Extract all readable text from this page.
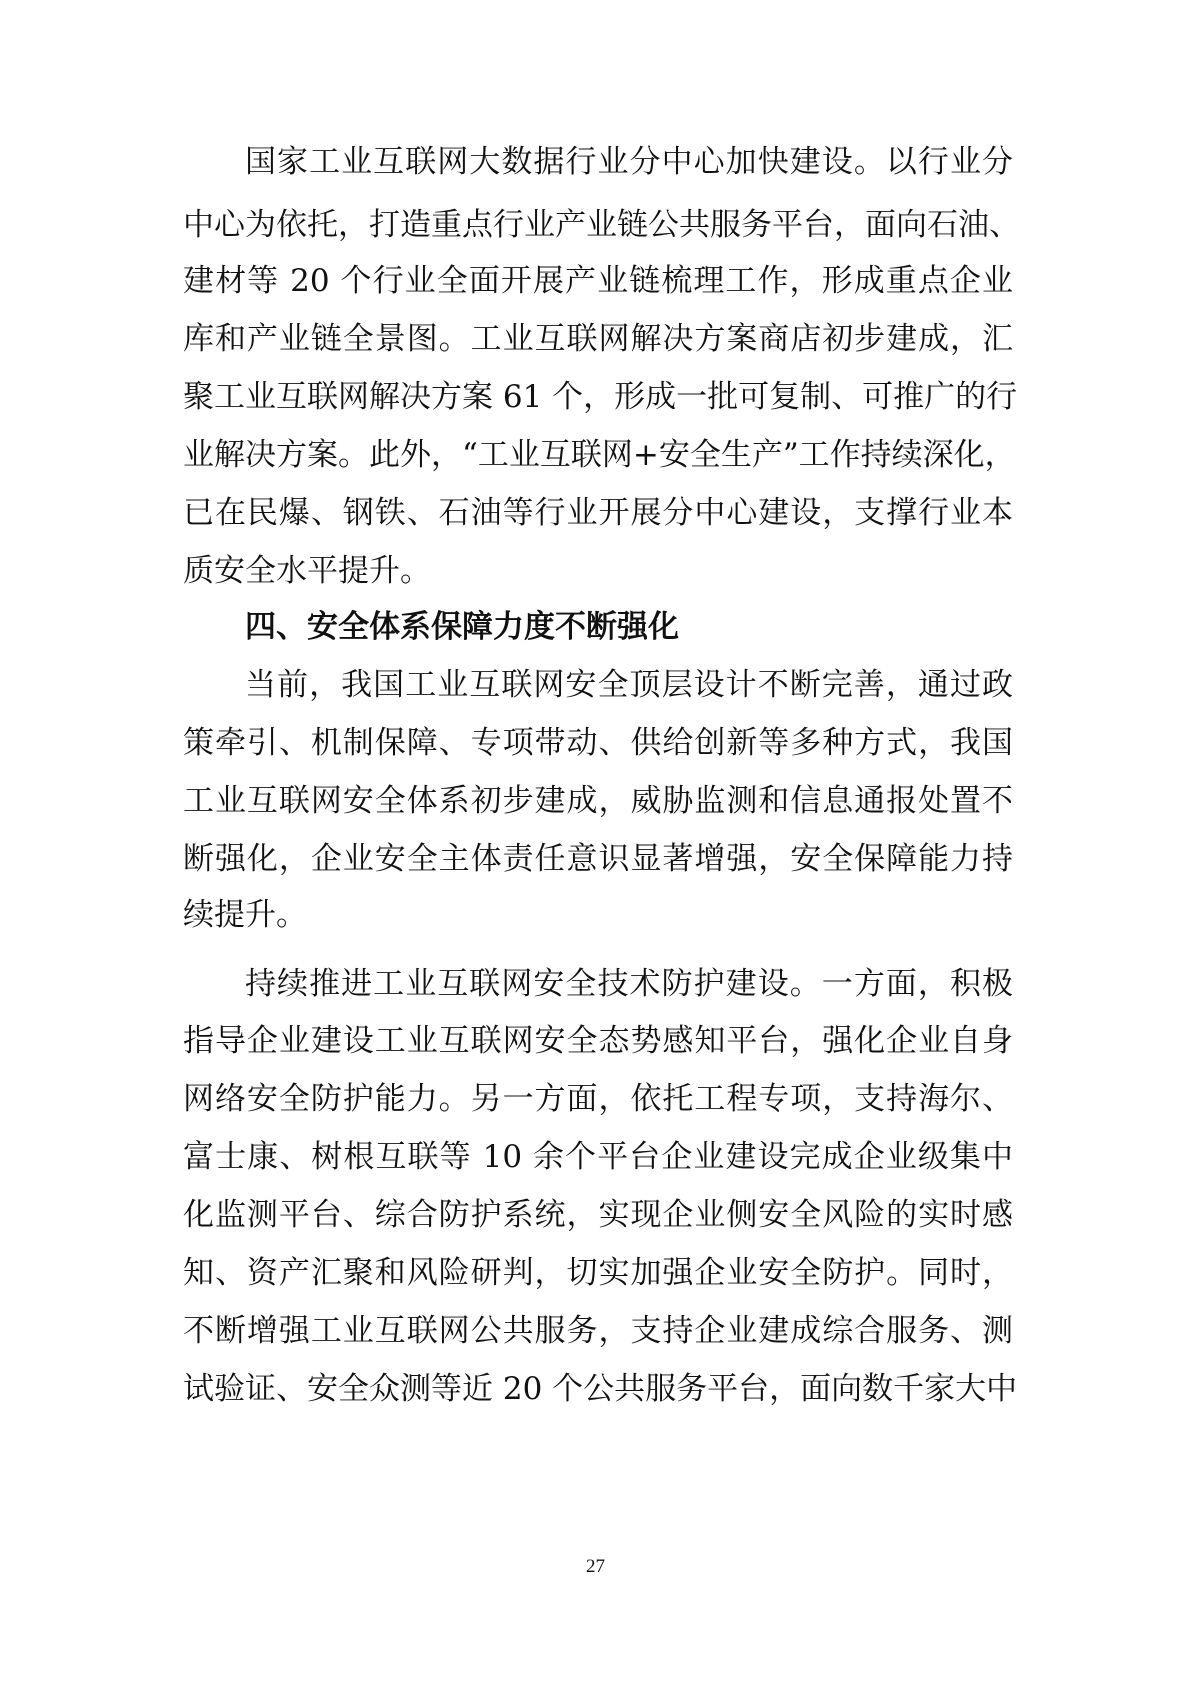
国家工业互联网大数据行业分中心加快建设。以行业分
中心为依托，打造重点行业产业链公共服务平台，面向石油、
建材等 20 个行业全面开展产业链梳理工作，形成重点企业
库和产业链全景图。工业互联网解决方案商店初步建成，汇
聚工业互联网解决方案 61 个，形成一批可复制、可推广的行
业解决方案。此外，“工业互联网+安全生产”工作持续深化，
已在民爆、钢铁、石油等行业开展分中心建设，支撑行业本
质安全水平提升。
四、安全体系保障力度不断强化
当前，我国工业互联网安全顶层设计不断完善，通过政
策牵引、机制保障、专项带动、供给创新等多种方式，我国
工业互联网安全体系初步建成，威胁监测和信息通报处置不
断强化，企业安全主体责任意识显著增强，安全保障能力持
续提升。
持续推进工业互联网安全技术防护建设。一方面，积极
指导企业建设工业互联网安全态势感知平台，强化企业自身
网络安全防护能力。另一方面，依托工程专项，支持海尔、
富士康、树根互联等 10 余个平台企业建设完成企业级集中
化监测平台、综合防护系统，实现企业侧安全风险的实时感
知、资产汇聚和风险研判，切实加强企业安全防护。同时，
不断增强工业互联网公共服务，支持企业建成综合服务、测
试验证、安全众测等近 20 个公共服务平台，面向数千家大中
27
